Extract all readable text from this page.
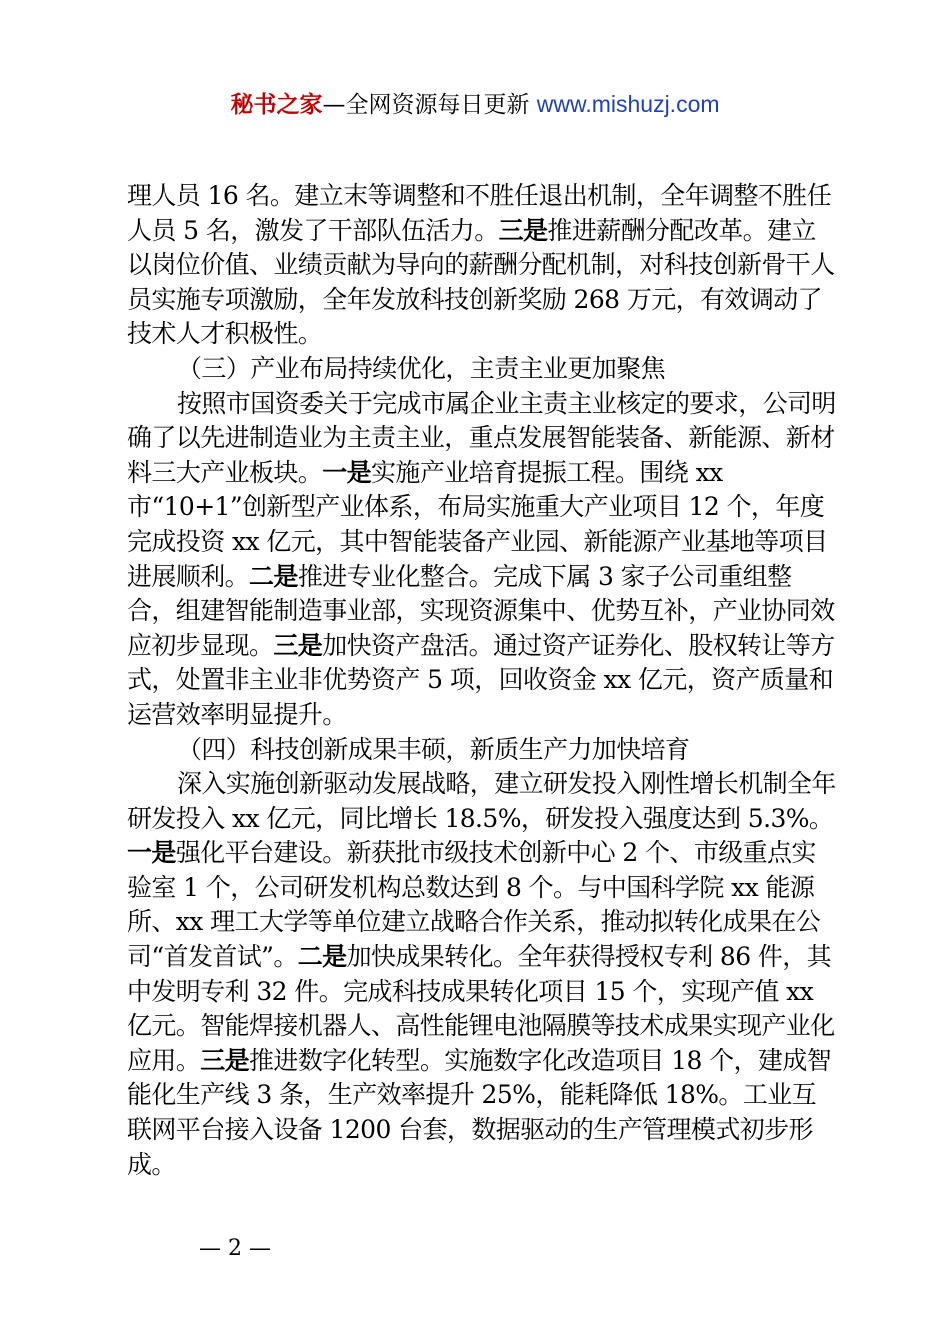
秘书之家—全网资源每日更新 www.mishuzj.com

理人员 16 名。建立末等调整和不胜任退出机制，全年调整不胜任人员 5 名，激发了干部队伍活力。三是推进薪酬分配改革。建立以岗位价值、业绩贡献为导向的薪酬分配机制，对科技创新骨干人员实施专项激励，全年发放科技创新奖励 268 万元，有效调动了技术人才积极性。

（三）产业布局持续优化，主责主业更加聚焦

按照市国资委关于完成市属企业主责主业核定的要求，公司明确了以先进制造业为主责主业，重点发展智能装备、新能源、新材料三大产业板块。一是实施产业培育提振工程。围绕 xx 市“10+1”创新型产业体系，布局实施重大产业项目 12 个，年度完成投资 xx 亿元，其中智能装备产业园、新能源产业基地等项目进展顺利。二是推进专业化整合。完成下属 3 家子公司重组整合，组建智能制造事业部，实现资源集中、优势互补，产业协同效应初步显现。三是加快资产盘活。通过资产证券化、股权转让等方式，处置非主业非优势资产 5 项，回收资金 xx 亿元，资产质量和运营效率明显提升。

（四）科技创新成果丰硕，新质生产力加快培育

深入实施创新驱动发展战略，建立研发投入刚性增长机制全年研发投入 xx 亿元，同比增长 18.5%，研发投入强度达到 5.3%。一是强化平台建设。新获批市级技术创新中心 2 个、市级重点实验室 1 个，公司研发机构总数达到 8 个。与中国科学院 xx 能源所、xx 理工大学等单位建立战略合作关系，推动拟转化成果在公司“首发首试”。二是加快成果转化。全年获得授权专利 86 件，其中发明专利 32 件。完成科技成果转化项目 15 个，实现产值 xx 亿元。智能焊接机器人、高性能锂电池隔膜等技术成果实现产业化应用。三是推进数字化转型。实施数字化改造项目 18 个，建成智能化生产线 3 条，生产效率提升 25%，能耗降低 18%。工业互联网平台接入设备 1200 台套，数据驱动的生产管理模式初步形成。

— 2 —
